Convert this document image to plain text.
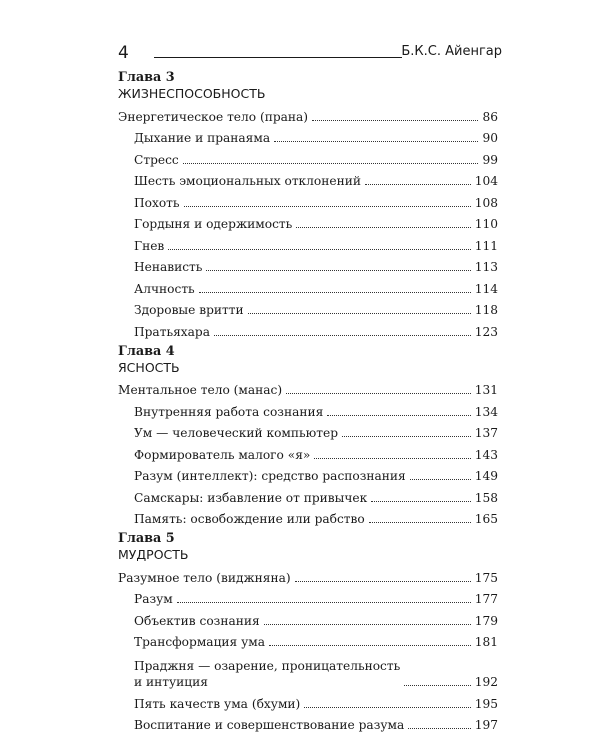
4	Б.К.С. Айенгар
Глава 3
ЖИЗНЕСПОСОБНОСТЬ
Энергетическое тело (прана)	86
Дыхание и пранаяма	90
Стресс	99
Шесть эмоциональных отклонений	104
Похоть	108
Гордыня и одержимость	110
Гнев	111
Ненависть	113
Алчность	114
Здоровые вритти	118
Пратьяхара	123
Глава 4
ЯСНОСТЬ
Ментальное тело (манас)	131
Внутренняя работа сознания	134
Ум — человеческий компьютер	137
Формирователь малого «я»	143
Разум (интеллект): средство распознания	149
Самскары: избавление от привычек	158
Память: освобождение или рабство	165
Глава 5
МУДРОСТЬ
Разумное тело (виджняна)	175
Разум	177
Объектив сознания	179
Трансформация ума	181
Праджня — озарение, проницательность
и интуиция	192
Пять качеств ума (бхуми)	195
Воспитание и совершенствование разума	197
